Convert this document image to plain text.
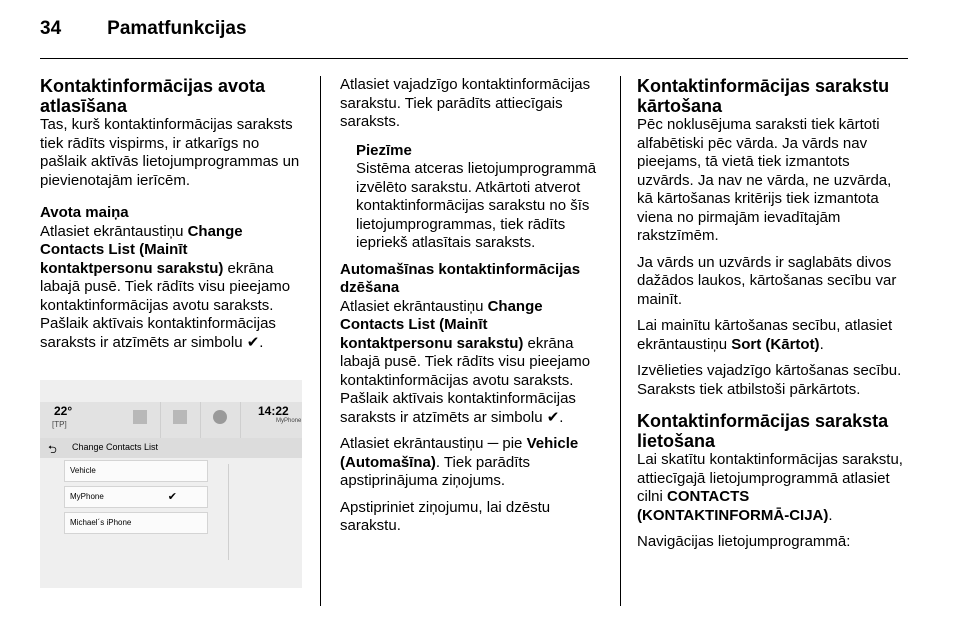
34 Pamatfunkcijas
Kontaktinformācijas avota atlasīšana

Tas, kurš kontaktinformācijas saraksts tiek rādīts vispirms, ir atkarīgs no pašlaik aktīvās lietojumprogrammas un pievienotajām ierīcēm.

Avota maiņa

Atlasiet ekrāntaustiņu Change Contacts List (Mainīt kontaktpersonu sarakstu) ekrāna labajā pusē. Tiek rādīts visu pieejamo kontaktinformācijas avotu saraksts. Pašlaik aktīvais kontaktinformācijas saraksts ir atzīmēts ar simbolu ✔.

22°
[TP]
14:22
MyPhone
⮌ Change Contacts List
Vehicle
MyPhone	✔
Michael´s iPhone

Atlasiet vajadzīgo kontaktinformācijas sarakstu. Tiek parādīts attiecīgais saraksts.

Piezīme
Sistēma atceras lietojumprogrammā izvēlēto sarakstu. Atkārtoti atverot kontaktinformācijas sarakstu no šīs lietojumprogrammas, tiek rādīts iepriekš atlasītais saraksts.
Automašīnas kontaktinformācijas dzēšana

Atlasiet ekrāntaustiņu Change Contacts List (Mainīt kontaktpersonu sarakstu) ekrāna labajā pusē. Tiek rādīts visu pieejamo kontaktinformācijas avotu saraksts. Pašlaik aktīvais kontaktinformācijas saraksts ir atzīmēts ar simbolu ✔.

Atlasiet ekrāntaustiņu ─ pie Vehicle (Automašīna). Tiek parādīts apstiprinājuma ziņojums.

Apstipriniet ziņojumu, lai dzēstu sarakstu.

Kontaktinformācijas sarakstu kārtošana

Pēc noklusējuma saraksti tiek kārtoti alfabētiski pēc vārda. Ja vārds nav pieejams, tā vietā tiek izmantots uzvārds. Ja nav ne vārda, ne uzvārda, kā kārtošanas kritērijs tiek izmantota viena no pirmajām ievadītajām rakstzīmēm.

Ja vārds un uzvārds ir saglabāts divos dažādos laukos, kārtošanas secību var mainīt.

Lai mainītu kārtošanas secību, atlasiet ekrāntaustiņu Sort (Kārtot).

Izvēlieties vajadzīgo kārtošanas secību. Saraksts tiek atbilstoši pārkārtots.

Kontaktinformācijas saraksta lietošana

Lai skatītu kontaktinformācijas sarakstu, attiecīgajā lietojumprogrammā atlasiet cilni CONTACTS (KONTAKTINFORMĀ-CIJA).

Navigācijas lietojumprogrammā:
